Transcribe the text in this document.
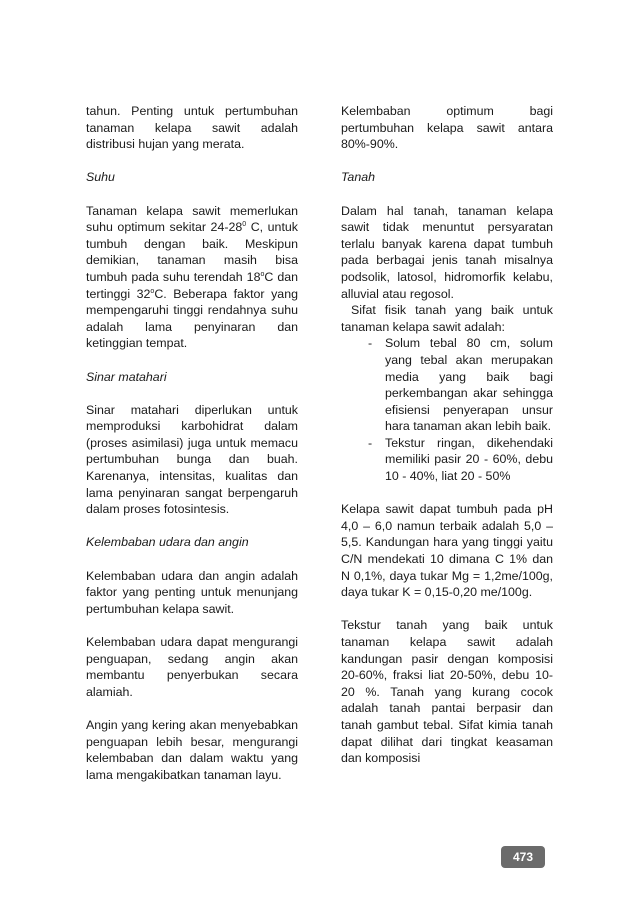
tahun. Penting untuk pertumbuhan tanaman kelapa sawit adalah distribusi hujan yang merata.

Suhu

Tanaman kelapa sawit memerlukan suhu optimum sekitar $24-28^0$ C, untuk tumbuh dengan baik. Meskipun demikian, tanaman masih bisa tumbuh pada suhu terendah 18$^o$C dan tertinggi 32$^o$C. Beberapa faktor yang mempengaruhi tinggi rendahnya suhu adalah lama penyinaran dan ketinggian tempat.

Sinar matahari

Sinar matahari diperlukan untuk memproduksi karbohidrat dalam (proses asimilasi) juga untuk memacu pertumbuhan bunga dan buah. Karenanya, intensitas, kualitas dan lama penyinaran sangat berpengaruh dalam proses fotosintesis.

Kelembaban udara dan angin

Kelembaban udara dan angin adalah faktor yang penting untuk menunjang pertumbuhan kelapa sawit.

Kelembaban udara dapat mengurangi penguapan, sedang angin akan membantu penyerbukan secara alamiah.

Angin yang kering akan menyebabkan penguapan lebih besar, mengurangi kelembaban dan dalam waktu yang lama mengakibatkan tanaman layu.

Kelembaban optimum bagi pertumbuhan kelapa sawit antara 80%-90%.

Tanah

Dalam hal tanah, tanaman kelapa sawit tidak menuntut persyaratan terlalu banyak karena dapat tumbuh pada berbagai jenis tanah misalnya podsolik, latosol, hidromorfik kelabu, alluvial atau regosol.

Sifat fisik tanah yang baik untuk tanaman kelapa sawit adalah:

- Solum tebal 80 cm, solum yang tebal akan merupakan media yang baik bagi perkembangan akar sehingga efisiensi penyerapan unsur hara tanaman akan lebih baik.
- Tekstur ringan, dikehendaki memiliki pasir 20 - 60%, debu 10 - 40%, liat 20 - 50%

Kelapa sawit dapat tumbuh pada pH 4,0 – 6,0 namun terbaik adalah 5,0 – 5,5. Kandungan hara yang tinggi yaitu C/N mendekati 10 dimana C 1% dan N 0,1%, daya tukar Mg = 1,2me/100g, daya tukar K = 0,15-0,20 me/100g.

Tekstur tanah yang baik untuk tanaman kelapa sawit adalah kandungan pasir dengan komposisi 20-60%, fraksi liat 20-50%, debu 10-20 %. Tanah yang kurang cocok adalah tanah pantai berpasir dan tanah gambut tebal. Sifat kimia tanah dapat dilihat dari tingkat keasaman dan komposisi

473
